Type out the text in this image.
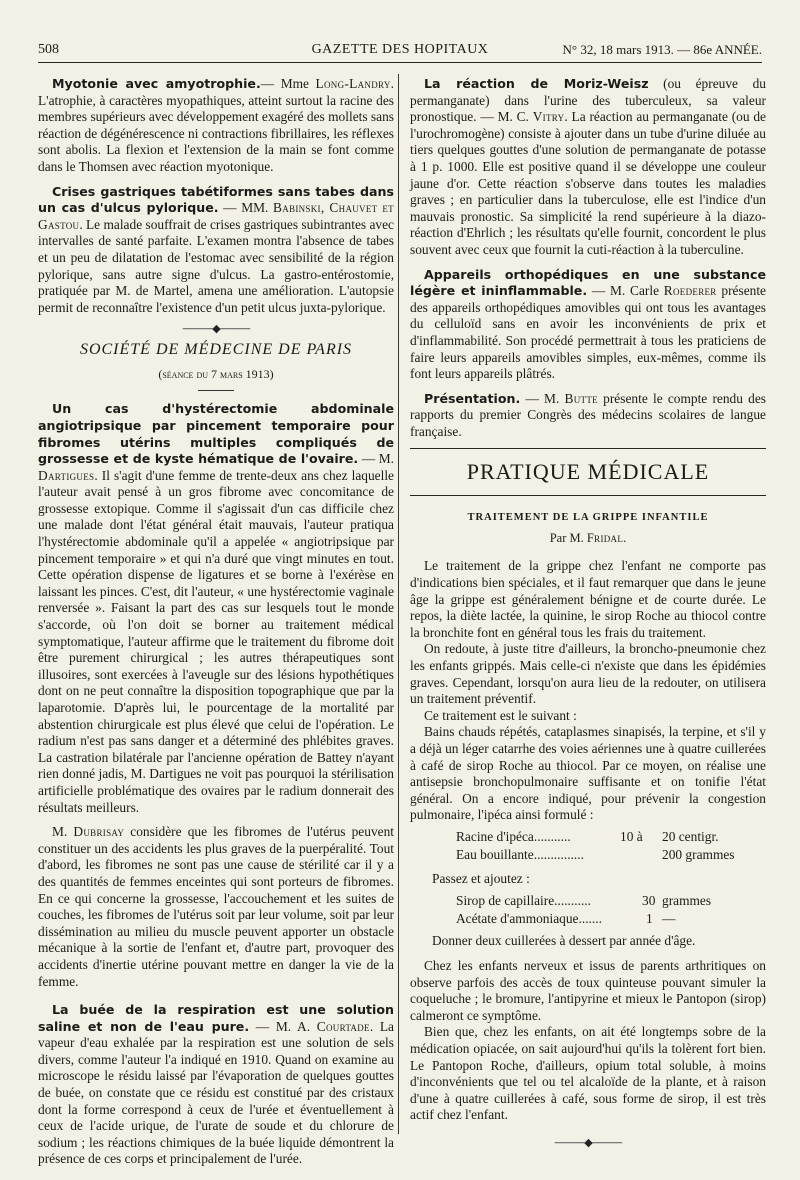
508	GAZETTE DES HOPITAUX	N° 32, 18 mars 1913. — 86e ANNÉE.

Myotonie avec amyotrophie.— Mme Long-Landry. L'atrophie, à caractères myopathiques, atteint surtout la racine des membres supérieurs avec développement exagéré des mollets sans réaction de dégénérescence ni contractions fibrillaires, les réflexes sont abolis. La flexion et l'extension de la main se font comme dans le Thomsen avec réaction myotonique.

Crises gastriques tabétiformes sans tabes dans un cas d'ulcus pylorique. — MM. Babinski, Chauvet et Gastou. Le malade souffrait de crises gastriques subintrantes avec intervalles de santé parfaite. L'examen montra l'absence de tabes et un peu de dilatation de l'estomac avec sensibilité de la région pylorique, sans autre signe d'ulcus. La gastro-entérostomie, pratiquée par M. de Martel, amena une amélioration. L'autopsie permit de reconnaître l'existence d'un petit ulcus juxta-pylorique.

———◆———
SOCIÉTÉ DE MÉDECINE DE PARIS
(séance du 7 mars 1913)

Un cas d'hystérectomie abdominale angiotripsique par pincement temporaire pour fibromes utérins multiples compliqués de grossesse et de kyste hématique de l'ovaire. — M. Dartigues. Il s'agit d'une femme de trente-deux ans chez laquelle l'auteur avait pensé à un gros fibrome avec concomitance de grossesse extopique. Comme il s'agissait d'un cas difficile chez une malade dont l'état général était mauvais, l'auteur pratiqua l'hystérectomie abdominale qu'il a appelée « angiotripsique par pincement temporaire » et qui n'a duré que vingt minutes en tout. Cette opération dispense de ligatures et se borne à l'exérèse en laissant les pinces. C'est, dit l'auteur, « une hystérectomie vaginale renversée ». Faisant la part des cas sur lesquels tout le monde s'accorde, où l'on doit se borner au traitement médical symptomatique, l'auteur affirme que le traitement du fibrome doit être purement chirurgical ; les autres thérapeutiques sont illusoires, sont exercées à l'aveugle sur des lésions hypothétiques dont on ne peut connaître la disposition topographique que par la laparotomie. D'après lui, le pourcentage de la mortalité par abstention chirurgicale est plus élevé que celui de l'opération. Le radium n'est pas sans danger et a déterminé des phlébites graves. La castration bilatérale par l'ancienne opération de Battey n'ayant rien donné jadis, M. Dartigues ne voit pas pourquoi la stérilisation artificielle problématique des ovaires par le radium donnerait des résultats meilleurs.

M. Dubrisay considère que les fibromes de l'utérus peuvent constituer un des accidents les plus graves de la puerpéralité. Tout d'abord, les fibromes ne sont pas une cause de stérilité car il y a des quantités de femmes enceintes qui sont porteurs de fibromes. En ce qui concerne la grossesse, l'accouchement et les suites de couches, les fibromes de l'utérus soit par leur volume, soit par leur dissémination au milieu du muscle peuvent apporter un obstacle mécanique à la sortie de l'enfant et, d'autre part, provoquer des accidents d'inertie utérine pouvant mettre en danger la vie de la femme.

La buée de la respiration est une solution saline et non de l'eau pure. — M. A. Courtade. La vapeur d'eau exhalée par la respiration est une solution de sels divers, comme l'auteur l'a indiqué en 1910. Quand on examine au microscope le résidu laissé par l'évaporation de quelques gouttes de buée, on constate que ce résidu est constitué par des cristaux dont la forme correspond à ceux de l'urée et éventuellement à ceux de l'acide urique, de l'urate de soude et du chlorure de sodium ; les réactions chimiques de la buée liquide démontrent la présence de ces corps et principalement de l'urée.

La réaction de Moriz-Weisz (ou épreuve du permanganate) dans l'urine des tuberculeux, sa valeur pronostique. — M. C. Vitry. La réaction au permanganate (ou de l'urochromogène) consiste à ajouter dans un tube d'urine diluée au tiers quelques gouttes d'une solution de permanganate de potasse à 1 p. 1000. Elle est positive quand il se développe une couleur jaune d'or. Cette réaction s'observe dans toutes les maladies graves ; en particulier dans la tuberculose, elle est l'indice d'un mauvais pronostic. Sa simplicité la rend supérieure à la diazo-réaction d'Ehrlich ; les résultats qu'elle fournit, concordent le plus souvent avec ceux que fournit la cuti-réaction à la tuberculine.

Appareils orthopédiques en une substance légère et ininflammable. — M. Carle Roederer présente des appareils orthopédiques amovibles qui ont tous les avantages du celluloïd sans en avoir les inconvénients de prix et d'inflammabilité. Son procédé permettrait à tous les praticiens de faire leurs appareils amovibles simples, eux-mêmes, comme ils font leurs appareils plâtrés.

Présentation. — M. Butte présente le compte rendu des rapports du premier Congrès des médecins scolaires de langue française.

PRATIQUE MÉDICALE
TRAITEMENT DE LA GRIPPE INFANTILE
Par M. Fridal.

Le traitement de la grippe chez l'enfant ne comporte pas d'indications bien spéciales, et il faut remarquer que dans le jeune âge la grippe est généralement bénigne et de courte durée. Le repos, la diète lactée, la quinine, le sirop Roche au thiocol contre la bronchite font en général tous les frais du traitement.

On redoute, à juste titre d'ailleurs, la broncho-pneumonie chez les enfants grippés. Mais celle-ci n'existe que dans les épidémies graves. Cependant, lorsqu'on aura lieu de la redouter, on utilisera un traitement préventif.

Ce traitement est le suivant :

Bains chauds répétés, cataplasmes sinapisés, la terpine, et s'il y a déjà un léger catarrhe des voies aériennes une à quatre cuillerées à café de sirop Roche au thiocol. Par ce moyen, on réalise une antisepsie bronchopulmonaire suffisante et on tonifie l'état général. On a encore indiqué, pour prévenir la congestion pulmonaire, l'ipéca ainsi formulé :

Racine d'ipéca...........	10 à 20 centigr.
Eau bouillante...............	200 grammes
Passez et ajoutez :
Sirop de capillaire...........	30 grammes
Acétate d'ammoniaque.......	1 —
Donner deux cuillerées à dessert par année d'âge.

Chez les enfants nerveux et issus de parents arthritiques on observe parfois des accès de toux quinteuse pouvant simuler la coqueluche ; le bromure, l'antipyrine et mieux le Pantopon (sirop) calmeront ce symptôme.

Bien que, chez les enfants, on ait été longtemps sobre de la médication opiacée, on sait aujourd'hui qu'ils la tolèrent fort bien. Le Pantopon Roche, d'ailleurs, opium total soluble, à moins d'inconvénients que tel ou tel alcaloïde de la plante, et à raison d'une à quatre cuillerées à café, sous forme de sirop, il est très actif chez l'enfant.

———◆———
